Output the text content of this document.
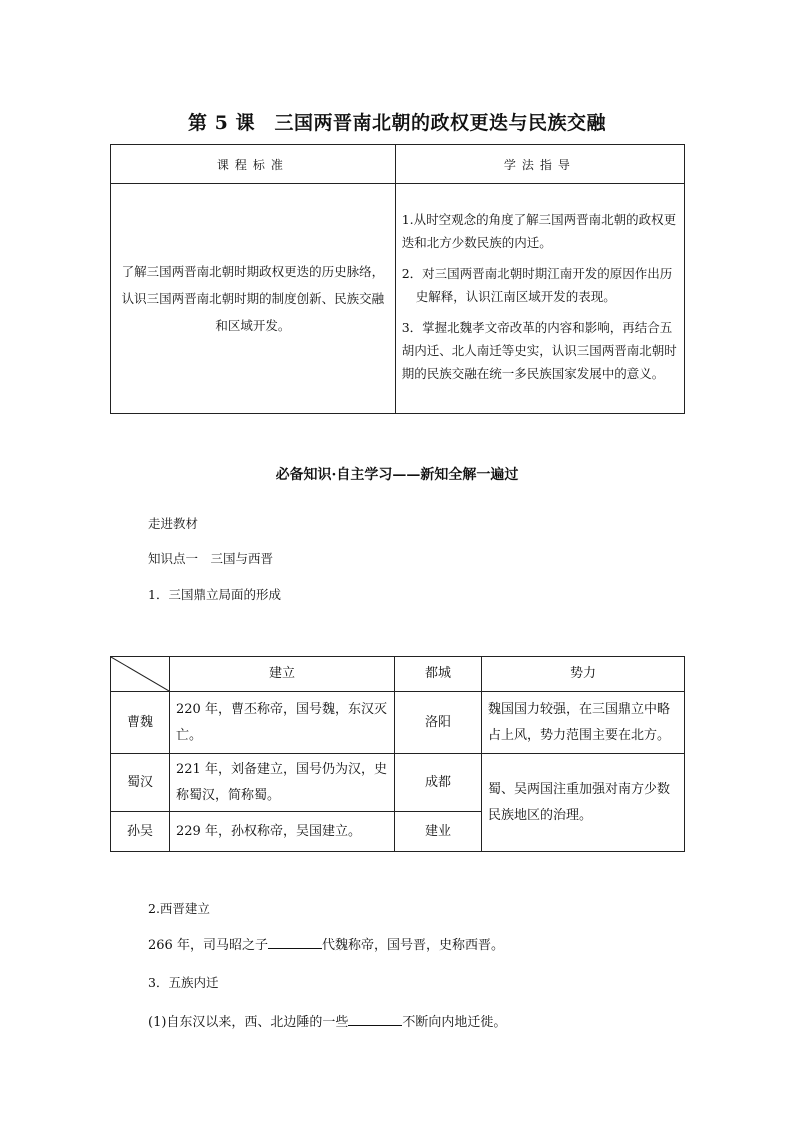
第 5 课　三国两晋南北朝的政权更迭与民族交融
课程标准	学法指导
了解三国两晋南北朝时期政权更迭的历史脉络，认识三国两晋南北朝时期的制度创新、民族交融和区域开发。	1.从时空观念的角度了解三国两晋南北朝的政权更迭和北方少数民族的内迁。

2．对三国两晋南北朝时期江南开发的原因作出历史解释，认识江南区域开发的表现。

3．掌握北魏孝文帝改革的内容和影响，再结合五胡内迁、北人南迁等史实，认识三国两晋南北朝时期的民族交融在统一多民族国家发展中的意义。

必备知识·自主学习——新知全解一遍过
走进教材
知识点一　三国与西晋
1．三国鼎立局面的形成
	建立	都城	势力
曹魏	220 年，曹丕称帝，国号魏，东汉灭亡。	洛阳	魏国国力较强，在三国鼎立中略占上风，势力范围主要在北方。
蜀汉	221 年，刘备建立，国号仍为汉，史称蜀汉，简称蜀。	成都	蜀、吴两国注重加强对南方少数民族地区的治理。
孙吴	229 年，孙权称帝，吴国建立。	建业	
2.西晋建立
266 年，司马昭之子	代魏称帝，国号晋，史称西晋。
3．五族内迁
(1)自东汉以来，西、北边陲的一些	不断向内地迁徙。
